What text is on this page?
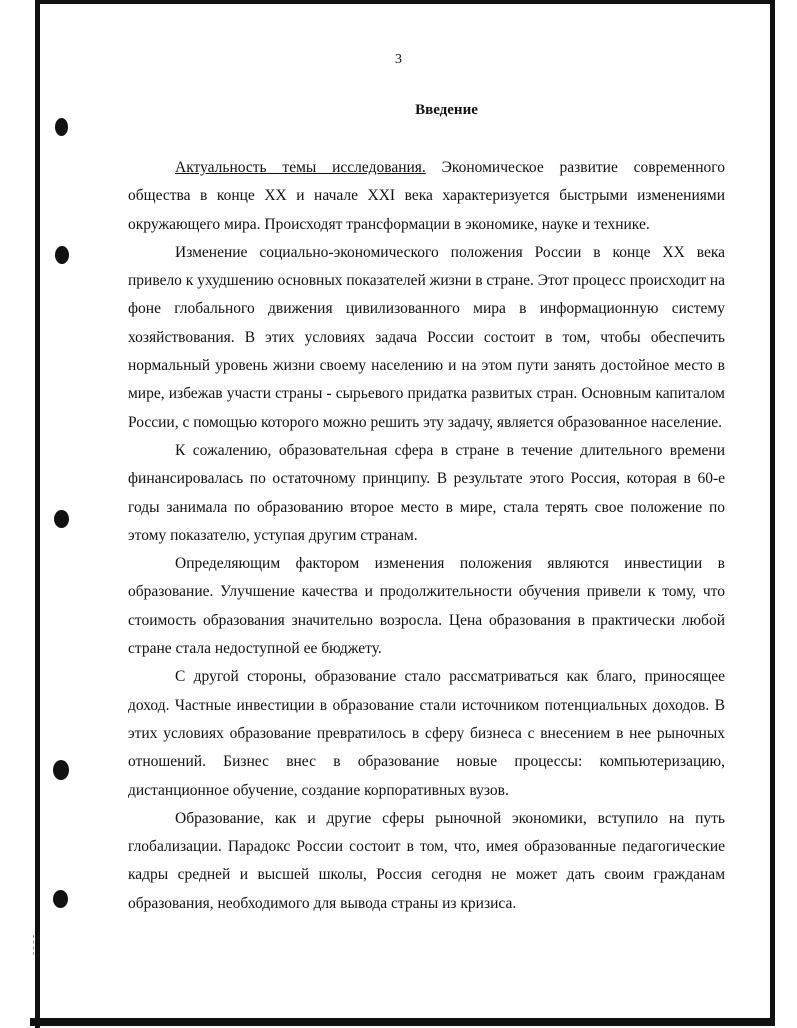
3
Введение

Актуальность темы исследования. Экономическое развитие современного общества в конце XX и начале XXI века характеризуется быстрыми изменениями окружающего мира. Происходят трансформации в экономике, науке и технике.

Изменение социально-экономического положения России в конце XX века привело к ухудшению основных показателей жизни в стране. Этот процесс происходит на фоне глобального движения цивилизованного мира в информационную систему хозяйствования. В этих условиях задача России состоит в том, чтобы обеспечить нормальный уровень жизни своему населению и на этом пути занять достойное место в мире, избежав участи страны - сырьевого придатка развитых стран. Основным капиталом России, с помощью которого можно решить эту задачу, является образованное население.

К сожалению, образовательная сфера в стране в течение длительного времени финансировалась по остаточному принципу. В результате этого Россия, которая в 60-е годы занимала по образованию второе место в мире, стала терять свое положение по этому показателю, уступая другим странам.

Определяющим фактором изменения положения являются инвестиции в образование. Улучшение качества и продолжительности обучения привели к тому, что стоимость образования значительно возросла. Цена образования в практически любой стране стала недоступной ее бюджету.

С другой стороны, образование стало рассматриваться как благо, приносящее доход. Частные инвестиции в образование стали источником потенциальных доходов. В этих условиях образование превратилось в сферу бизнеса с внесением в нее рыночных отношений. Бизнес внес в образование новые процессы: компьютеризацию, дистанционное обучение, создание корпоративных вузов.

Образование, как и другие сферы рыночной экономики, вступило на путь глобализации. Парадокс России состоит в том, что, имея образованные педагогические кадры средней и высшей школы, Россия сегодня не может дать своим гражданам образования, необходимого для вывода страны из кризиса.
